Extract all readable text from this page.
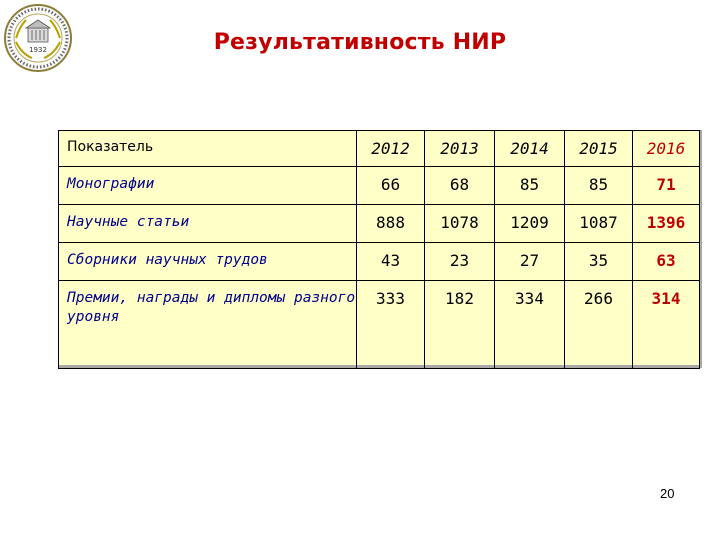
1932	Результативность НИР
Показатель	2012	2013	2014	2015	2016
Монографии	66	68	85	85	71
Научные статьи	888	1078	1209	1087	1396
Сборники научных трудов	43	23	27	35	63
Премии, награды и дипломы разного уровня	333	182	334	266	314
20
